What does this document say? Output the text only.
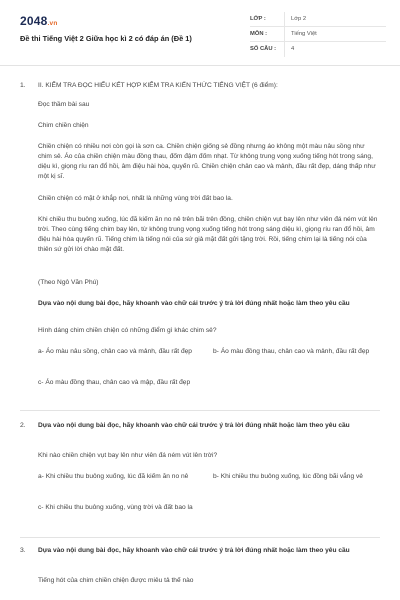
2048.vn
Đề thi Tiếng Việt 2 Giữa học kì 2 có đáp án (Đề 1)
LỚP :	Lớp 2
MÔN :	Tiếng Việt
SỐ CÂU :	4
1. II. KIỂM TRA ĐỌC HIỂU KẾT HỢP KIỂM TRA KIẾN THỨC TIẾNG VIỆT (6 điểm):
Đọc thầm bài sau
Chim chiền chiện
Chiền chiện có nhiều nơi còn gọi là sơn ca. Chiền chiện giống sẻ đồng nhưng áo không một màu nâu sồng như chim sẻ. Áo của chiền chiện màu đồng thau, đốm đậm đốm nhạt. Từ không trung vọng xuống tiếng hót trong sáng, diệu kì, giọng ríu ran đổ hồi, âm điệu hài hòa, quyến rũ. Chiền chiện chân cao và mảnh, đầu rất đẹp, dáng thấp như một kị sĩ.
Chiền chiện có mặt ở khắp nơi, nhất là những vùng trời đất bao la.
Khi chiều thu buông xuống, lúc đã kiếm ăn no nê trên bãi trên đồng, chiền chiện vụt bay lên như viên đá ném vút lên trời. Theo cùng tiếng chim bay lên, từ không trung vọng xuống tiếng hót trong sáng diệu kì, giọng ríu ran đổ hồi, âm điệu hài hòa quyến rũ. Tiếng chim là tiếng nói của sứ giả mặt đất gửi tặng trời. Rồi, tiếng chim lại là tiếng nói của thiên sứ gửi lời chào mặt đất.
(Theo Ngô Văn Phú)
Dựa vào nội dung bài đọc, hãy khoanh vào chữ cái trước ý trả lời đúng nhất hoặc làm theo yêu cầu
Hình dáng chim chiền chiện có những điểm gì khác chim sẻ?
a- Áo màu nâu sồng, chân cao và mảnh, đầu rất đẹp	b- Áo màu đồng thau, chân cao và mảnh, đầu rất đẹp
c- Áo màu đồng thau, chân cao và mập, đầu rất đẹp
2. Dựa vào nội dung bài đọc, hãy khoanh vào chữ cái trước ý trả lời đúng nhất hoặc làm theo yêu cầu
Khi nào chiền chiện vụt bay lên như viên đá ném vút lên trời?
a- Khi chiều thu buông xuống, lúc đã kiếm ăn no nê	b- Khi chiều thu buông xuống, lúc đồng bãi vắng vẻ
c- Khi chiều thu buông xuống, vùng trời và đất bao la
3. Dựa vào nội dung bài đọc, hãy khoanh vào chữ cái trước ý trả lời đúng nhất hoặc làm theo yêu cầu
Tiếng hót của chim chiền chiện được miêu tả thế nào
